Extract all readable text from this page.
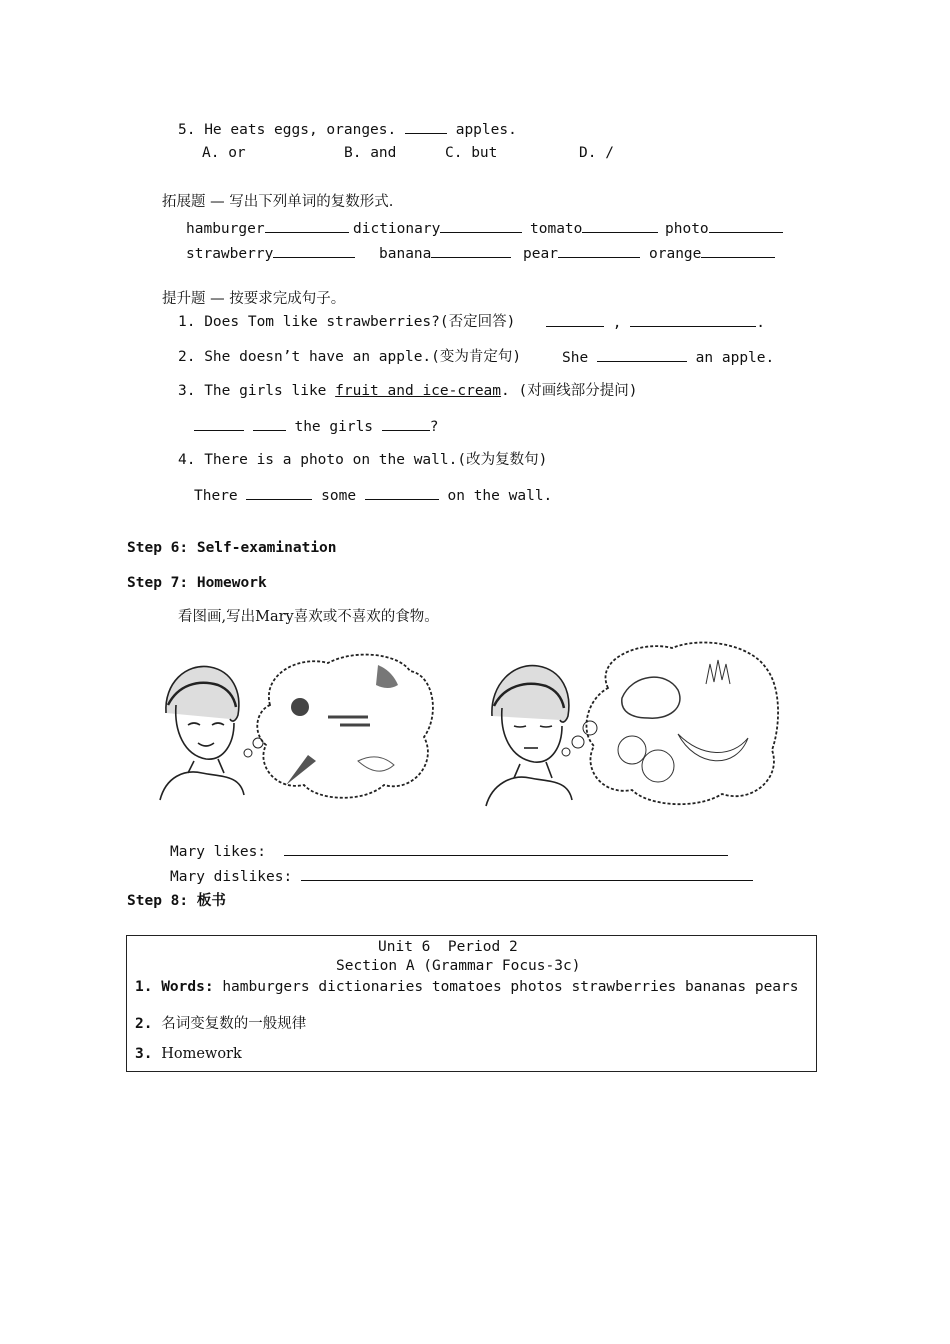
5. He eats eggs, oranges.	apples.
A. or	B. and	C. but	D. /
拓展题 — 写出下列单词的复数形式.
hamburger	dictionary	tomato	photo
strawberry	banana	pear	orange
提升题 — 按要求完成句子。
1. Does Tom like strawberries?(否定回答)	,	.
2. She doesn’t have an apple.(变为肯定句)	She	an apple.
3. The girls like fruit and ice-cream. (对画线部分提问)
the girls	?
4. There is a photo on the wall.(改为复数句)
There	some	on the wall.
Step 6: Self-examination
Step 7: Homework
看图画,写出Mary喜欢或不喜欢的食物。
Mary likes:
Mary dislikes:
Step 8: 板书
Unit 6  Period 2
Section A (Grammar Focus-3c)
1. Words: hamburgers dictionaries tomatoes photos strawberries bananas pears
2. 名词变复数的一般规律
3. Homework
